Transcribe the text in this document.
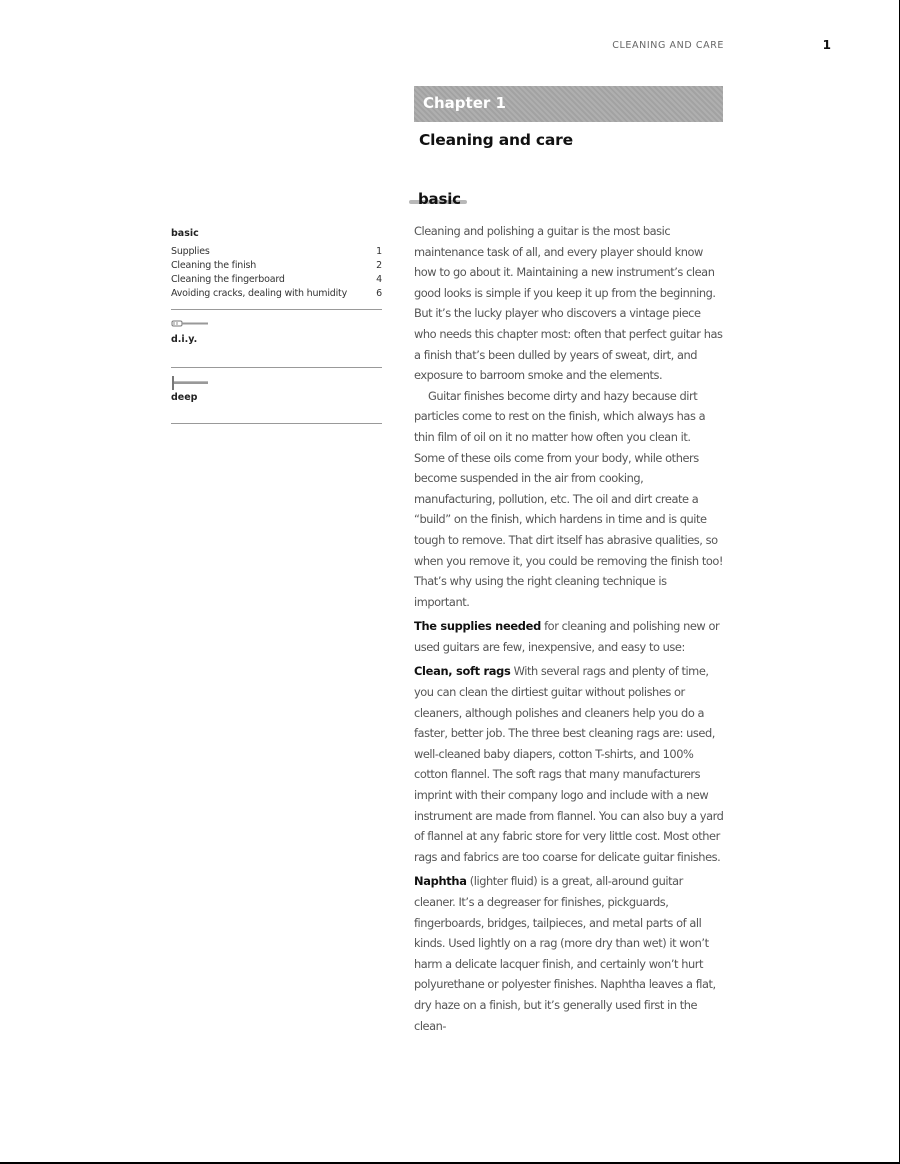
CLEANING AND CARE	1
Chapter 1
Cleaning and care
basic
basic
Supplies	1
Cleaning the finish	2
Cleaning the fingerboard	4
Avoiding cracks, dealing with humidity	6
d.i.y.
deep

Cleaning and polishing a guitar is the most basic maintenance task of all, and every player should know how to go about it. Maintaining a new instrument’s clean good looks is simple if you keep it up from the beginning. But it’s the lucky player who discovers a vintage piece who needs this chapter most: often that perfect guitar has a finish that’s been dulled by years of sweat, dirt, and exposure to barroom smoke and the elements.

Guitar finishes become dirty and hazy because dirt particles come to rest on the finish, which always has a thin film of oil on it no matter how often you clean it. Some of these oils come from your body, while others become suspended in the air from cooking, manufacturing, pollution, etc. The oil and dirt create a “build” on the finish, which hardens in time and is quite tough to remove. That dirt itself has abrasive qualities, so when you remove it, you could be removing the finish too! That’s why using the right cleaning technique is important.

The supplies needed for cleaning and polishing new or used guitars are few, inexpensive, and easy to use:

Clean, soft rags With several rags and plenty of time, you can clean the dirtiest guitar without polishes or cleaners, although polishes and cleaners help you do a faster, better job. The three best cleaning rags are: used, well-cleaned baby diapers, cotton T-shirts, and 100% cotton flannel. The soft rags that many manufacturers imprint with their company logo and include with a new instrument are made from flannel. You can also buy a yard of flannel at any fabric store for very little cost. Most other rags and fabrics are too coarse for delicate guitar finishes.

Naphtha (lighter fluid) is a great, all-around guitar cleaner. It’s a degreaser for finishes, pickguards, fingerboards, bridges, tailpieces, and metal parts of all kinds. Used lightly on a rag (more dry than wet) it won’t harm a delicate lacquer finish, and certainly won’t hurt polyurethane or polyester finishes. Naphtha leaves a flat, dry haze on a finish, but it’s generally used first in the clean-
